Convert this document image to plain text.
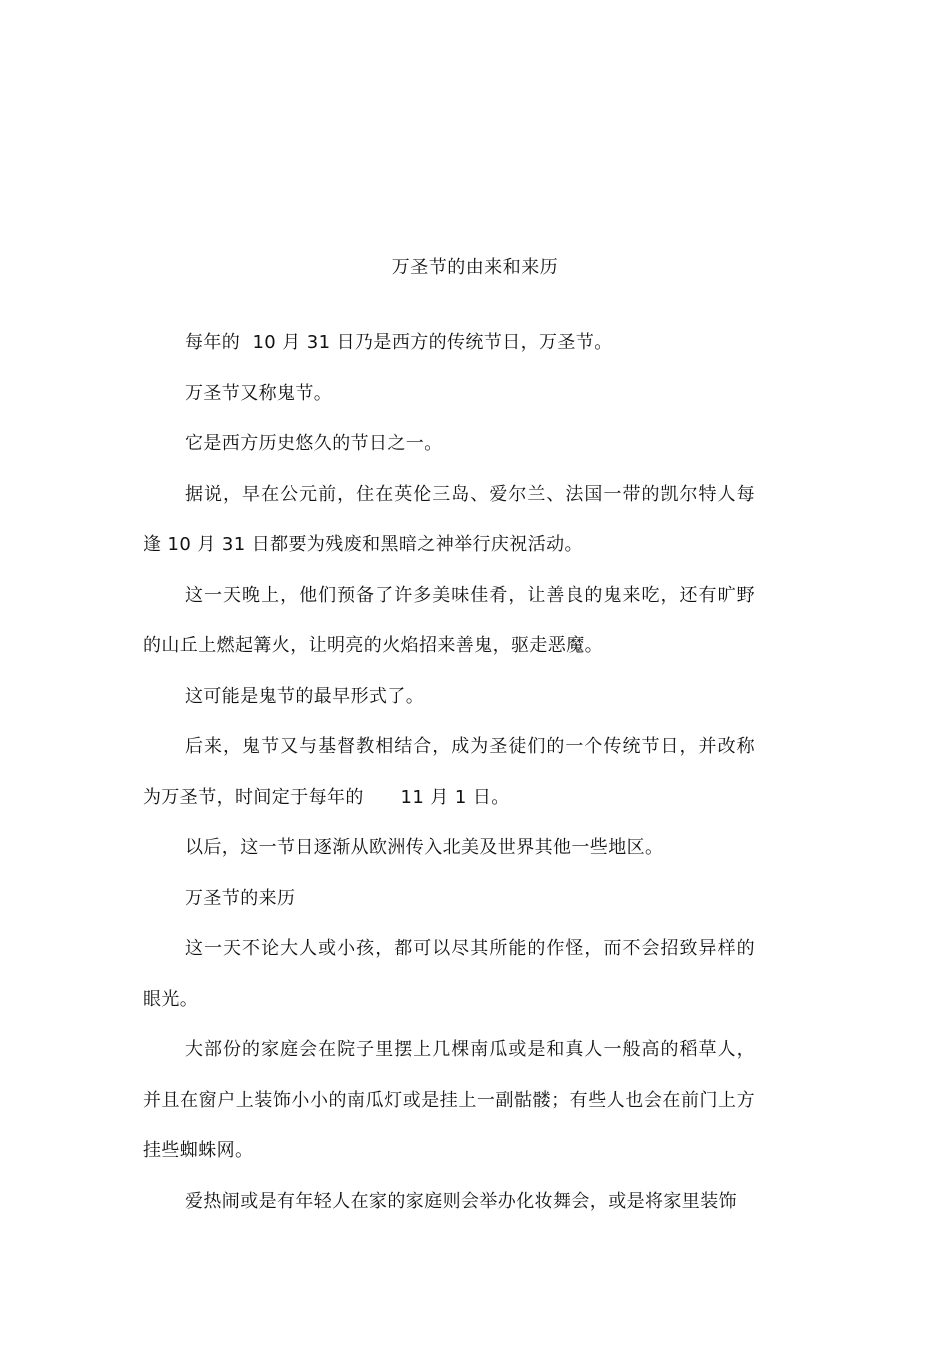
万圣节的由来和来历

每年的  10 月 31 日乃是西方的传统节日，万圣节。

万圣节又称鬼节。

它是西方历史悠久的节日之一。

据说，早在公元前，住在英伦三岛、爱尔兰、法国一带的凯尔特人每逢 10 月 31 日都要为残废和黑暗之神举行庆祝活动。

这一天晚上，他们预备了许多美味佳肴，让善良的鬼来吃，还有旷野的山丘上燃起篝火，让明亮的火焰招来善鬼，驱走恶魔。

这可能是鬼节的最早形式了。

后来，鬼节又与基督教相结合，成为圣徒们的一个传统节日，并改称为万圣节，时间定于每年的      11 月 1 日。

以后，这一节日逐渐从欧洲传入北美及世界其他一些地区。

万圣节的来历

这一天不论大人或小孩，都可以尽其所能的作怪，而不会招致异样的眼光。

大部份的家庭会在院子里摆上几棵南瓜或是和真人一般高的稻草人，并且在窗户上装饰小小的南瓜灯或是挂上一副骷髅；有些人也会在前门上方挂些蜘蛛网。

爱热闹或是有年轻人在家的家庭则会举办化妆舞会，或是将家里装饰
